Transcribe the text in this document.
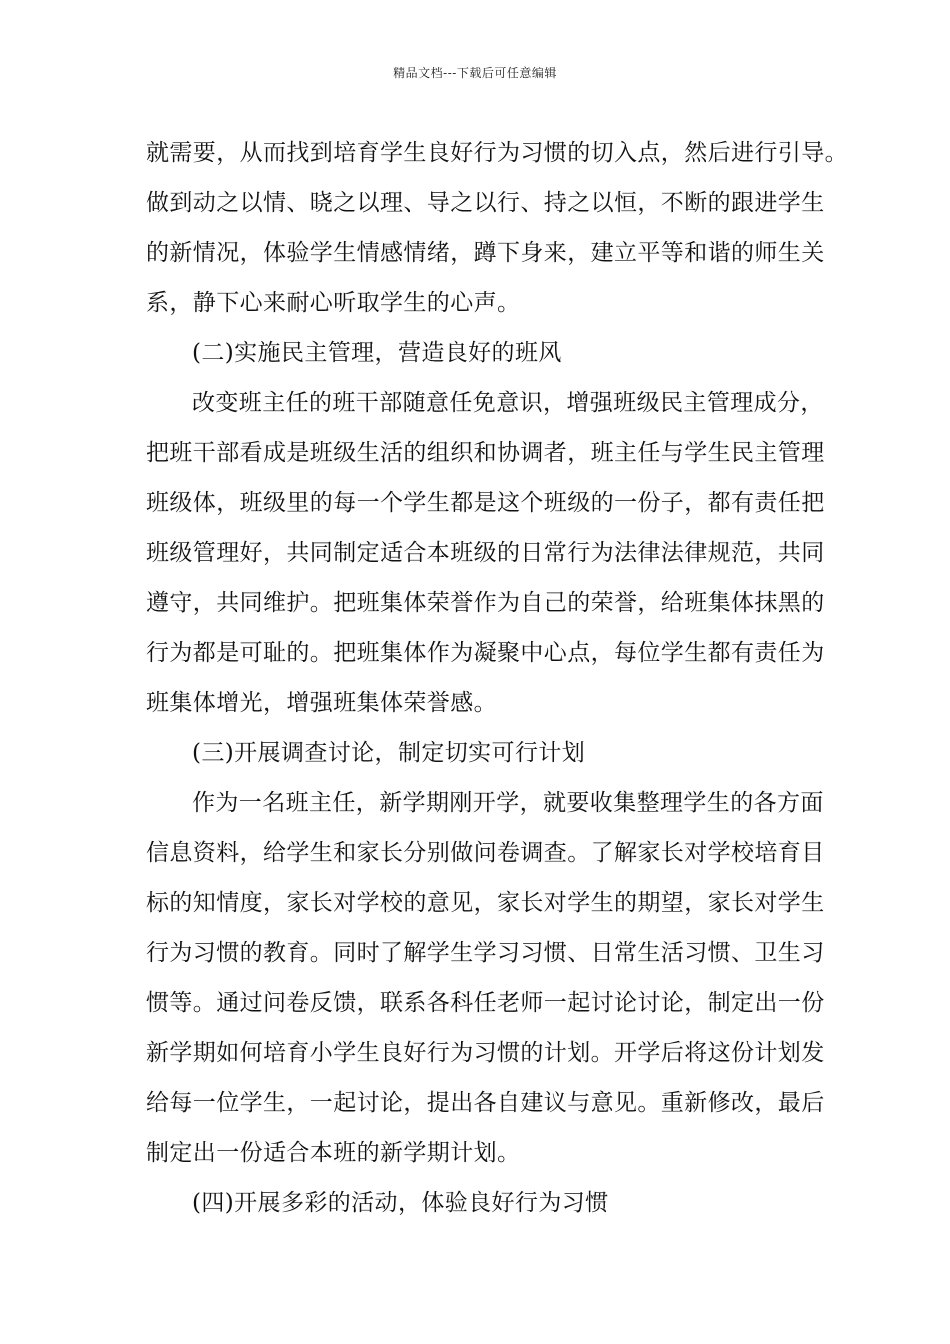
精品文档---下载后可任意编辑
就需要，从而找到培育学生良好行为习惯的切入点，然后进行引导。
做到动之以情、晓之以理、导之以行、持之以恒，不断的跟进学生
的新情况，体验学生情感情绪，蹲下身来，建立平等和谐的师生关
系，静下心来耐心听取学生的心声。
(二)实施民主管理，营造良好的班风
改变班主任的班干部随意任免意识，增强班级民主管理成分，
把班干部看成是班级生活的组织和协调者，班主任与学生民主管理
班级体，班级里的每一个学生都是这个班级的一份子，都有责任把
班级管理好，共同制定适合本班级的日常行为法律法律规范，共同
遵守，共同维护。把班集体荣誉作为自己的荣誉，给班集体抹黑的
行为都是可耻的。把班集体作为凝聚中心点，每位学生都有责任为
班集体增光，增强班集体荣誉感。
(三)开展调查讨论，制定切实可行计划
作为一名班主任，新学期刚开学，就要收集整理学生的各方面
信息资料，给学生和家长分别做问卷调查。了解家长对学校培育目
标的知情度，家长对学校的意见，家长对学生的期望，家长对学生
行为习惯的教育。同时了解学生学习习惯、日常生活习惯、卫生习
惯等。通过问卷反馈，联系各科任老师一起讨论讨论，制定出一份
新学期如何培育小学生良好行为习惯的计划。开学后将这份计划发
给每一位学生，一起讨论，提出各自建议与意见。重新修改，最后
制定出一份适合本班的新学期计划。
(四)开展多彩的活动，体验良好行为习惯
